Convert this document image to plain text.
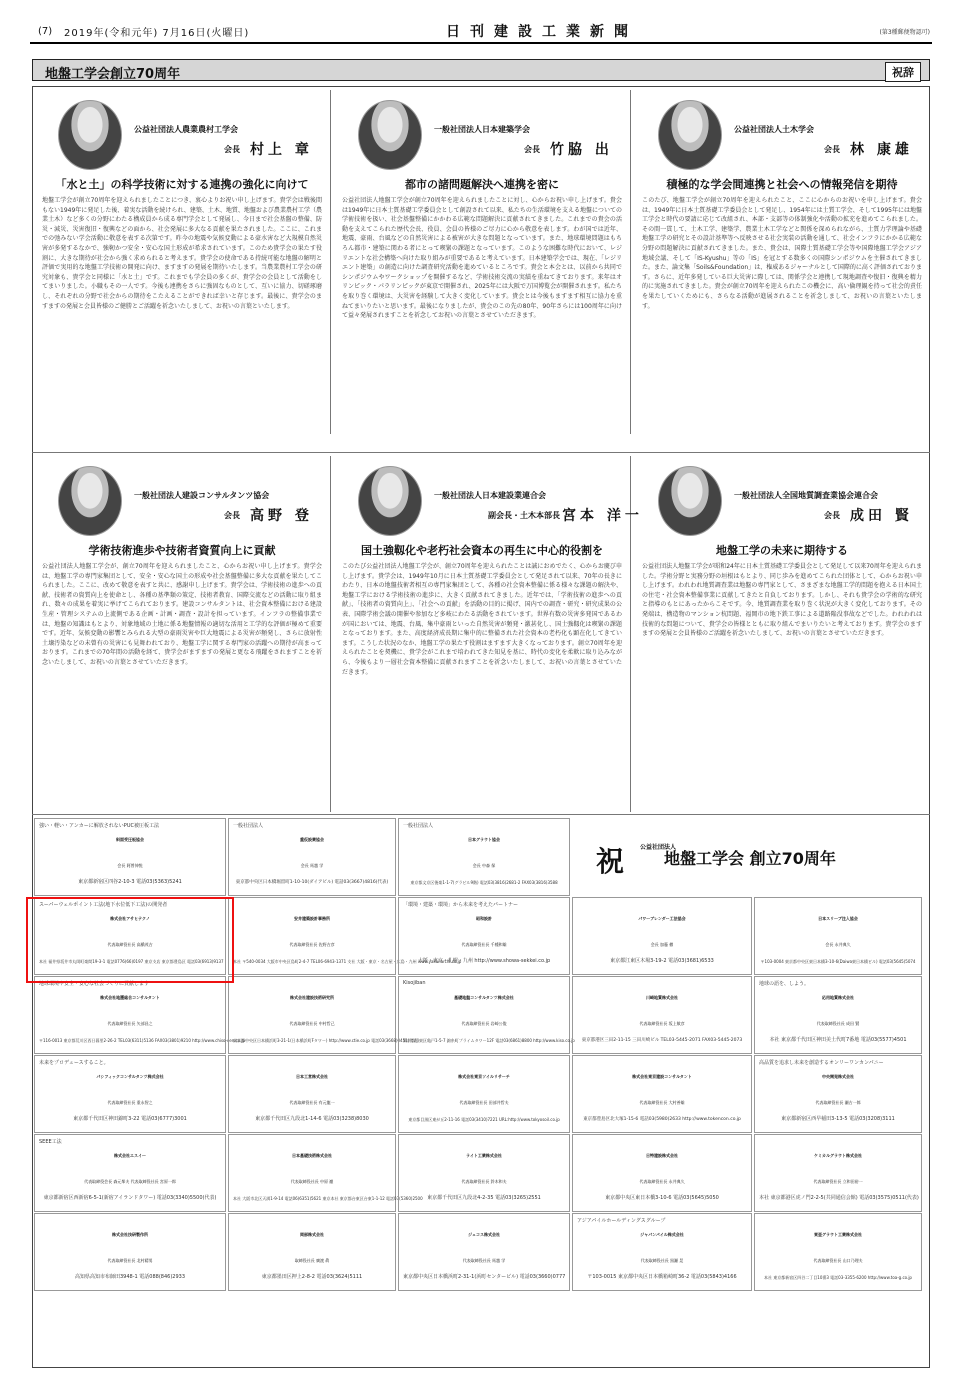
(7)	2019年(令和元年) 7月16日(火曜日)	日刊建設工業新聞	(第3種郵便物認可)
地盤工学会創立70周年	祝辞
公益社団法人農業農村工学会
会長 村上 章
「水と土」の科学技術に対する連携の強化に向けて
地盤工学会が創立70周年を迎えられましたことにつき、衷心よりお祝い申し上げます。貴学会は戦後間もない1949年に発足した後、着実な活動を続けられ、建築、土木、地質、地盤および農業農村工学（農業土木）など多くの分野にわたる構成員から成る専門学会として発展し、今日まで社会基盤の整備、防災・減災、災害復旧・復興などの面から、社会発展に多大なる貢献を果たされました。ここに、これまでの弛みない学会活動に敬意を表する次第です。昨今の地震や気候変動による豪水害など大規模自然災害が多発するなかで、強靭かつ安全・安心な国土形成が希求されています。このため貴学会の果たす役割に、大きな期待が社会から強く求められると考えます。貴学会の使命である持続可能な地盤の解明と評価で実用的な地盤工学技術の開発に向け、ますますの発展を期待いたします。当農業農村工学会の研究対象も、貴学会と同様に「水と土」です。これまでも学会員の多くが、貴学会の会員として活動をしてまいりました。小職もその一人です。今後も連携をさらに強固なものとして、互いに協力、切磋琢磨し、それぞれの分野で社会からの期待をこたえることができれば幸いと存じます。最後に、貴学会のますますの発展と会員皆様のご健勝とご活躍を祈念いたしまして、お祝いの言葉といたします。
一般社団法人日本建築学会
会長 竹脇 出
都市の諸問題解決へ連携を密に
公益社団法人地盤工学会が創立70周年を迎えられましたことに対し、心からお祝い申し上げます。貴会は1949年に日本土質基礎工学委員会として創設されて以来、私たちの生活環境を支える地盤についての学術技術を扱い、社会基盤整備にかかわる広範な問題解決に貢献されてきました。これまでの貴会の活動を支えてこられた歴代会長、役員、会員の皆様のご尽力に心から敬意を表します。わが国では近年、地震、豪雨、台風などの自然災害による被害が大きな問題となっています。また、地球環境問題はもちろん都市・建築に関わる者にとって喫緊の課題となっています。このような困難な時代において、レジリエントな社会構築へ向けた取り組みが重要であると考えています。日本建築学会では、現在、「レジリエント建築」の創造に向けた調査研究活動を進めているところです。貴会と本会とは、以前から共同でシンポジウムやワークショップを開催するなど、学術技術交流の実績を重ねてきております。来年はオリンピック・パラリンピックが東京で開催され、2025年には大阪で万国博覧会が開催されます。私たちを取り巻く環境は、大災害を経験して大きく変化しています。貴会とは今後もますます相互に協力を重ねてまいりたいと思います。最後になりましたが、貴会のこの先の80年、90年さらには100周年に向けて益々発展されますことを祈念してお祝いの言葉とさせていただきます。
公益社団法人土木学会
会長 林 康雄
積極的な学会間連携と社会への情報発信を期待
このたび、地盤工学会が創立70周年を迎えられたこと、ここに心からのお祝いを申し上げます。貴会は、1949年に日本土質基礎工学委員会として発足し、1954年には土質工学会、そして1995年には地盤工学会と時代の要請に応じて改組され、本部・支部等の体制強化や活動の拡充を進めてこられました。その間一貫して、土木工学、建築学、農業土木工学などと関係を深められながら、土質力学理論や基礎地盤工学の研究とその設計基準等へ反映させる社会実装の活動を通して、社会インフラにかかる広範な分野の問題解決に貢献されてきました。また、貴会は、国際土質基礎工学会等や国際地盤工学会アジア地域会議、そして「IS-Kyushu」等の「IS」を冠とする数多くの国際シンポジウムを主催されてきました。また、論文集「Soils&Foundation」は、権威あるジャーナルとして国際的に高く評価されております。さらに、近年多発している巨大災害に際しては、関係学会と連携して現地調査や復旧・復興を精力的に実施されてきました。貴会が創立70周年を迎えられたこの機会に、高い倫理観を持って社会的責任を果たしていくためにも、さらなる活動が進展されることを祈念しまして、お祝いの言葉といたします。
一般社団法人建設コンサルタンツ協会
会長 高野 登
学術技術進歩や技術者資質向上に貢献
公益社団法人地盤工学会が、創立70周年を迎えられましたこと、心からお祝い申し上げます。貴学会は、地盤工学の専門家集団として、安全・安心な国土の形成や社会基盤整備に多大な貢献を果たしてこられました。ここに、改めて敬意を表すと共に、感謝申し上げます。貴学会は、学術技術の進歩への貢献、技術者の資質向上を使命とし、各種の基準類の策定、技術者教育、国際交流などの活動に取り組まれ、数々の成果を着実に挙げてこられております。建設コンサルタントは、社会資本整備における建設生産・管理システムの上流側である企画・計画・調査・設計を担っています。インフラの整備事業では、地盤の知識はもとより、対象地域の土地に係る地盤情報の適切な活用と工学的な評価が極めて重要です。近年、気候変動の影響とみられる大型の豪雨災害や巨大地震による災害が頻発し、さらに放射性土壌汚染などの未曾有の災害にも見舞われており、地盤工学に関する専門家の活躍への期待が高まっております。これまでの70年間の活動を経て、貴学会がますますの発展と更なる飛躍をされますことを祈念いたしまして、お祝いの言葉とさせていただきます。
一般社団法人日本建設業連合会
副会長・土木本部長 宮本 洋一
国土強靱化や老朽社会資本の再生に中心的役割を
このたび公益社団法人地盤工学会が、創立70周年を迎えられたことは誠におめでたく、心からお慶び申し上げます。貴学会は、1949年10月に日本土質基礎工学委員会として発足されて以来、70年の長きにわたり、日本の地盤技術者相互の専門家集団として、各種の社会資本整備に係る様々な課題の解決や、地盤工学における学術技術の進歩に、大きく貢献されてきました。近年では、「学術技術の進歩への貢献」、「技術者の資質向上」、「社会への貢献」を活動の目的に掲げ、国内での調査・研究・研究成果の公表、国際学術会議の開催や参加など多岐にわたる活動をされています。世界有数の災害多発国であるわが国においては、地震、台風、集中豪雨といった自然災害が頻発・激甚化し、国土強靱化は喫緊の課題となっております。また、高度経済成長期に集中的に整備された社会資本の老朽化も顕在化してきています。こうした状況のなか、地盤工学の果たす役割はますます大きくなっております。創立70周年を迎えられたことを契機に、貴学会がこれまで培われてきた知見を基に、時代の変化を柔軟に取り込みながら、今後もより一層社会資本整備に貢献されますことを祈念いたしまして、お祝いの言葉とさせていただきます。
一般社団法人全国地質調査業協会連合会
会長 成田 賢
地盤工学の未来に期待する
公益社団法人地盤工学会が昭和24年に日本土質基礎工学委員会として発足して以来70周年を迎えられました。学術分野と実務分野の垣根はもとより、同じ歩みを進めてこられた団体として、心からお祝い申し上げます。われわれ地質調査業は地盤の専門家として、さまざまな地盤工学的問題を抱える日本国土の住宅・社会資本整備事業に貢献してきたと自負しております。しかし、それも貴学会の学術的な研究と指導のもとにあったからこそです。今、地質調査業を取り巻く状況が大きく変化しております。その発端は、構造物のマンション杭問題、福岡市の地下鉄工事による道路陥没事故などでした。われわれは技術的な問題について、貴学会の皆様とともに取り組んでまいりたいと考えております。貴学会のますますの発展と会員皆様のご活躍を祈念いたしまして、お祝いの言葉とさせていただきます。
強い・軽い・アンカーに解放されないPUC被圧板工法
斜面受圧板協会
会長 阿曽伸悦
東京都新宿区四谷2-10-3 電話03(5363)5241
一般社団法人
重仮設業協会
会長 馬越 学
東京都中央区日本橋堀留町1-10-10(ダイアビル) 電話03(3667)4816(代表)
一般社団法人
日本グラウト協会
会長 中森 保
東京都文京区後楽1-1-7(グラビル9階) 電話03(3816)2681-2 FAX03(3816)3588
スーパーウェルポイント工法(地下水位低下工法)の開発者
株式会社アサヒテクノ
代表取締役社長 高橋茂吉
本社 福井県坂井市丸岡町楽間19-3-1 電話0776(66)0197 東京支店 東京都豊島区 電話03(6913)9137
安井建築設計事務所
代表取締役社長 佐野吉彦
本社 〒540-0034 大阪市中央区島町2-4-7 TEL06-6943-1371 支社 大阪・東京・名古屋・広島・九州 www.yasui-archi.co.jp
「環境・建築・環境」から未来を考えたパートナー
昭和設計
代表取締役社長 千種和雄
大阪・東京・札幌・九州 http://www.showa-sekkei.co.jp
パワーブレンダー工法協会
会長 加藤 徹
東京都江東区木場3-19-2 電話03(3681)6533
日本スリーブ注入協会
会長 永井典久
〒103-0004 東京都中央区東日本橋3-10-6(Daiwa東日本橋ビル) 電話03(5645)5074
地球環境や安全・安心な社会づくりに貢献します
株式会社地圏総合コンサルタント
代表取締役社長 矢部昌之
〒116-0013 東京都荒川区西日暮里2-26-2 TEL03(6311)5136 FAX03(3801)9210 http://www.chiso-cen.co.jp
株式会社建設技術研究所
代表取締役社長 中村哲己
東京都中央区日本橋浜町3-21-1(日本橋浜町Fタワー) http://www.ctie.co.jp 電話03(3668)0451(代表)
Kisojiban
基礎地盤コンサルタンツ株式会社
代表取締役社長 岩崎公俊
東京都江東区亀戸1-5-7 錦糸町プライムタワー12F 電話03(6861)8800 http://www.kiso.co.jp
川崎地質株式会社
代表取締役社長 坂上敏彦
東京都港区三田2-11-15 三田川崎ビル TEL03-5445-2071 FAX03-5445-2073
地球の語を、しよう。
応用地質株式会社
代表取締役社長 成田 賢
本社 東京都千代田区神田美土代町7番地 電話03(5577)4501
未来をプロデュースすること。
パシフィックコンサルタンツ株式会社
代表取締役社長 重永智之
東京都千代田区神田錦町3-22 電話03(6777)3001
日本工営株式会社
代表取締役社長 有元龍一
東京都千代田区九段北1-14-6 電話03(3238)8030
株式会社東京ソイルリサーチ
代表取締役社長 田部井哲夫
東京都目黒区東が丘2-11-16 電話03(3410)7221 URL:http://www.tokyosoil.co.jp
株式会社東京建設コンサルタント
代表取締役社長 大村善雄
東京都豊島区北大塚1-15-6 電話03(5980)2633 http://www.tokencon.co.jp
高品質を追求し未来を創造するオンリーワンカンパニー
中央開発株式会社
代表取締役社長 瀬古一郎
東京都新宿区西早稲田3-13-5 電話03(3208)3111
SEEE工法
株式会社エスイー
代表取締役会長 森元峯夫 代表取締役社長 宮原一郎
東京都新宿区西新宿6-5-1(新宿アイランドタワー) 電話03(3340)5500(代表)
日本基礎技術株式会社
代表取締役社長 中原 巖
本社 大阪市北区天満1-9-14 電話06(6351)5621 東京本社 東京都台東区台東1-1-12 電話03(5360)2500
ライト工業株式会社
代表取締役社長 鈴木和夫
東京都千代田区九段北4-2-35 電話03(3265)2551
日特建設株式会社
代表取締役社長 永井典久
東京都中央区東日本橋3-10-6 電話03(5645)5050
ケミカルグラウト株式会社
代表取締役社長 立和田裕一
本社 東京都港区虎ノ門2-2-5(共同通信会館) 電話03(3575)0511(代表)
株式会社技研製作所
代表取締役社長 北村精男
高知県高知市布師田3948-1 電話088(846)2933
岡部株式会社
取締役社長 廣渡 眞
東京都墨田区押上2-8-2 電話03(3624)5111
ジェコス株式会社
代表取締役社長 馬越 学
東京都中央区日本橋浜町2-31-1(浜町センタービル) 電話03(3660)0777
アジアパイルホールディングスグループ
ジャパンパイル株式会社
代表取締役社長 黒瀬 晃
〒103-0015 東京都中央区日本橋箱崎町36-2 電話03(5843)4166
東亜グラウト工業株式会社
代表取締役社長 山口乃理夫
本社 東京都新宿区四谷二丁目10番3 電話03-3355-6200 http://www.toa-g.co.jp
祝	公益社団法人
地盤工学会 創立70周年
